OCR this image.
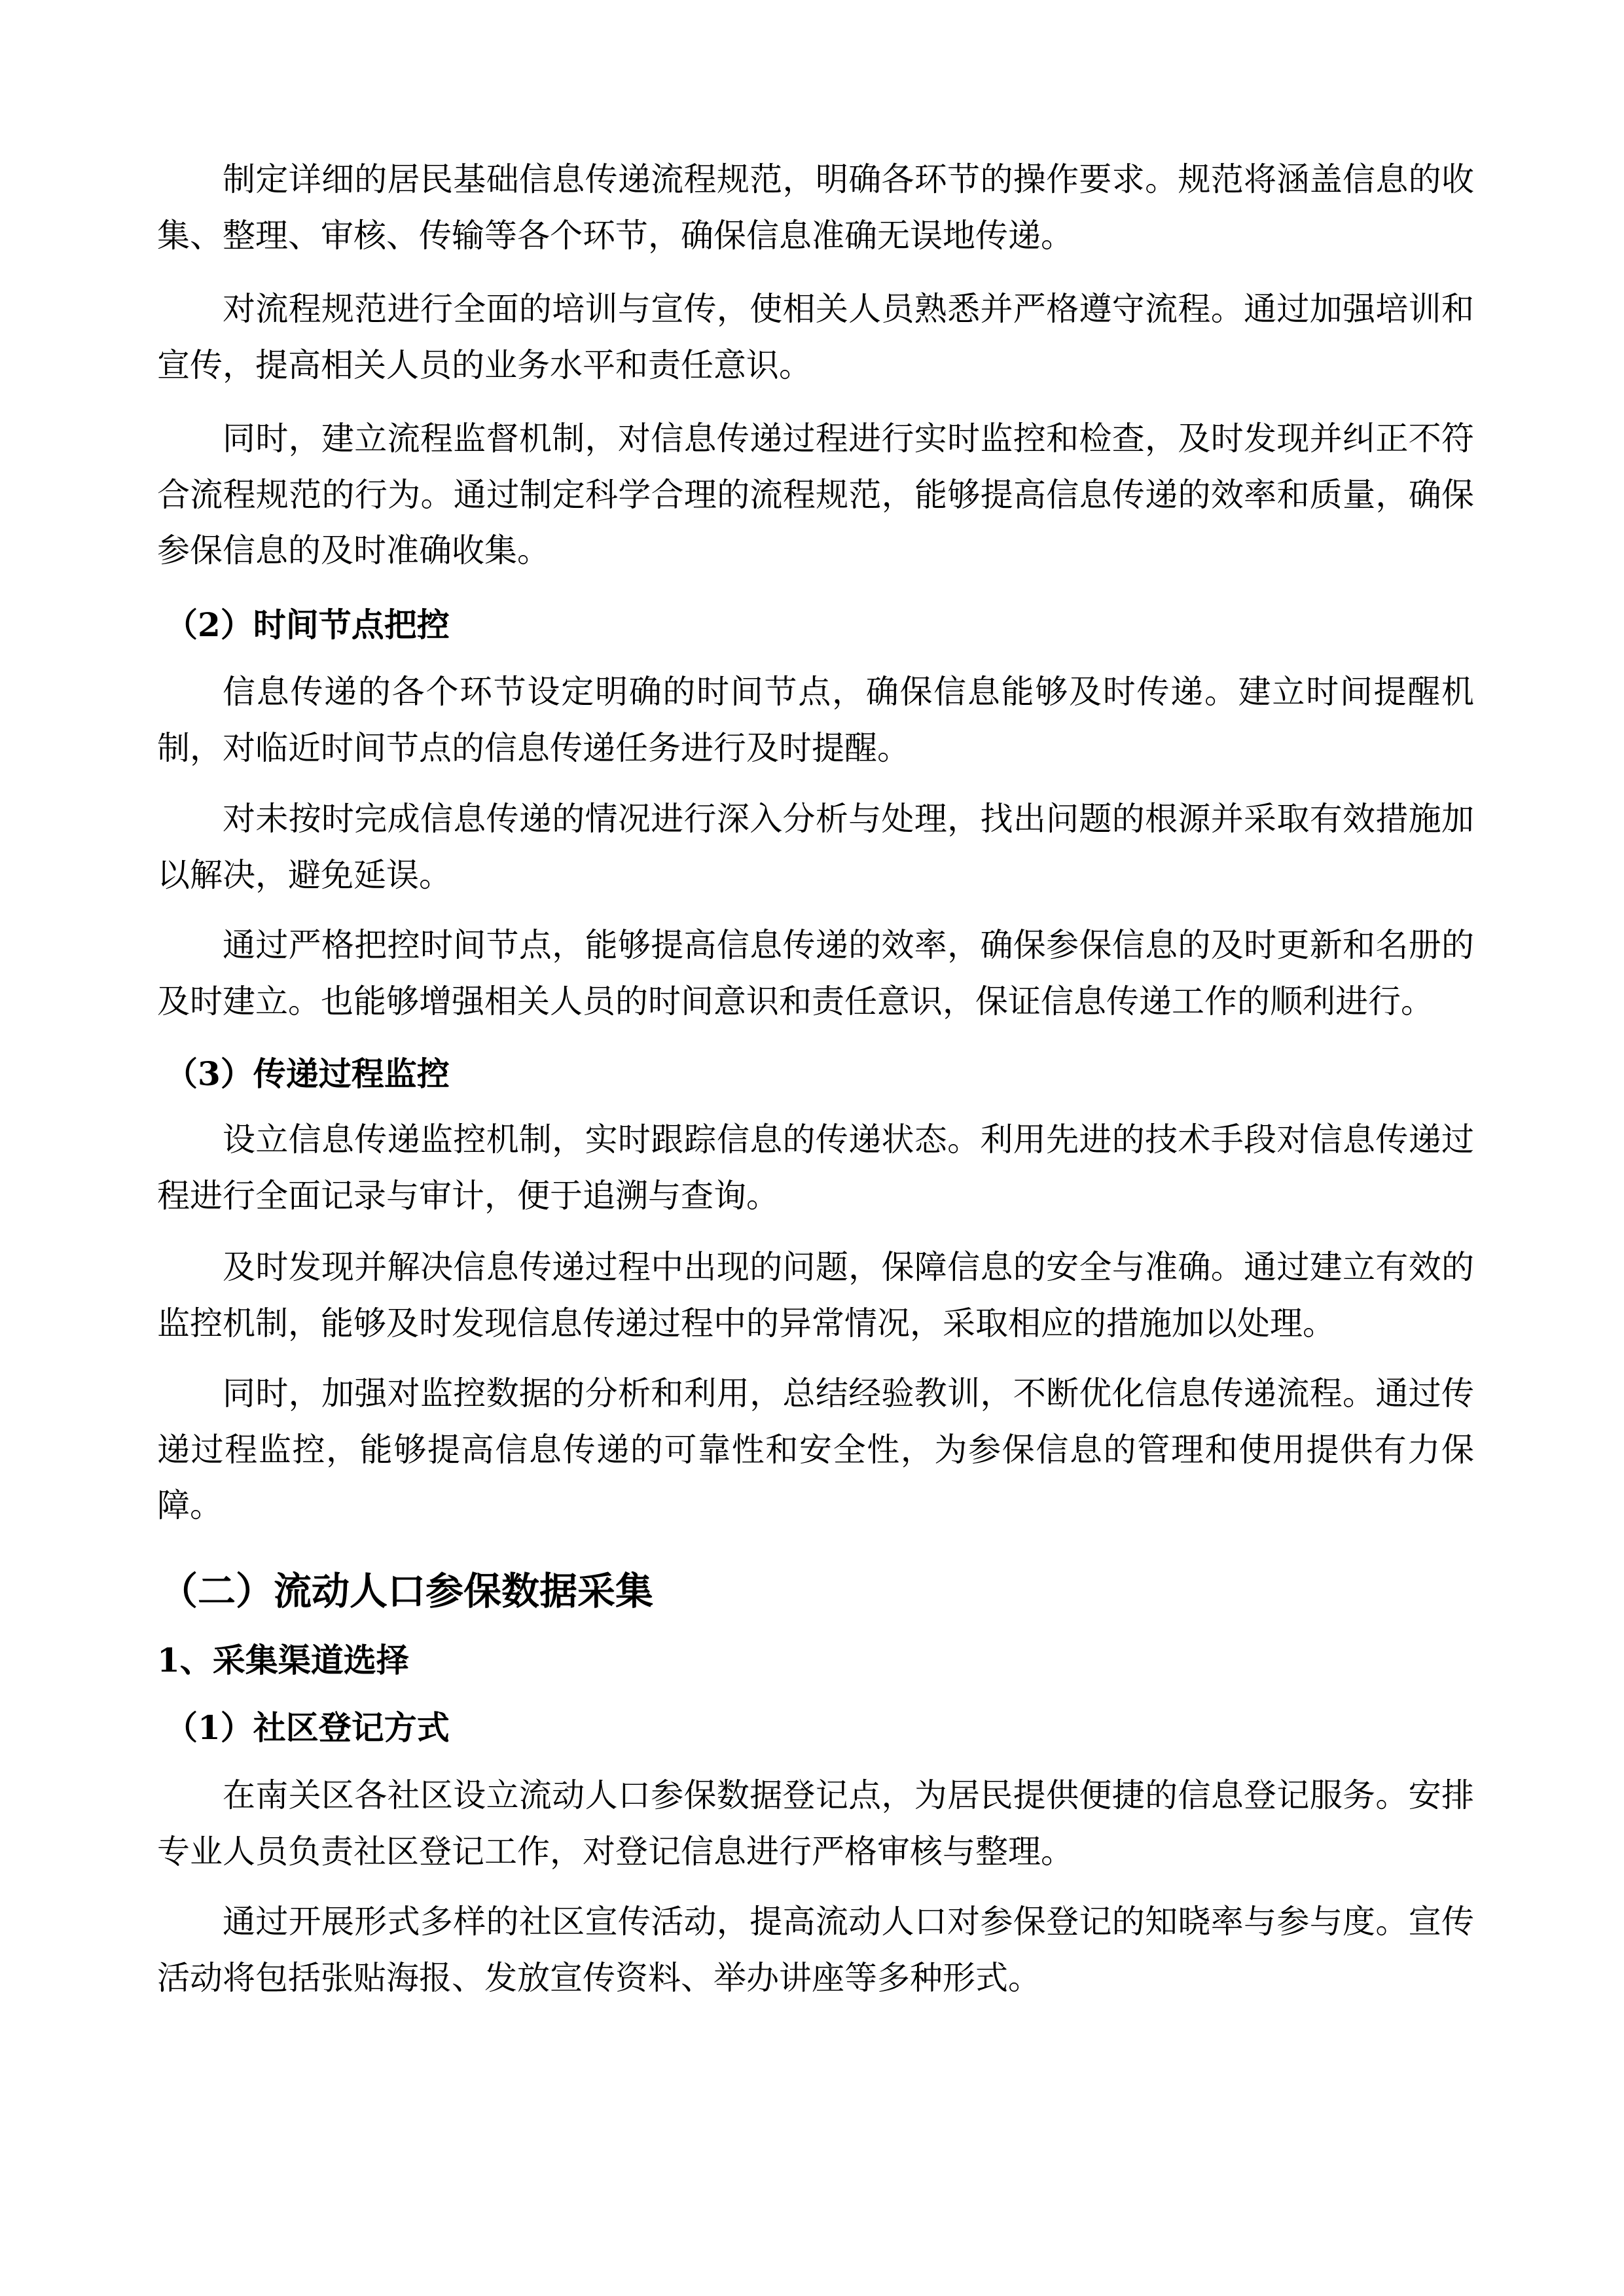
制定详细的居民基础信息传递流程规范，明确各环节的操作要求。规范将涵盖信息的收集、整理、审核、传输等各个环节，确保信息准确无误地传递。
对流程规范进行全面的培训与宣传，使相关人员熟悉并严格遵守流程。通过加强培训和宣传，提高相关人员的业务水平和责任意识。
同时，建立流程监督机制，对信息传递过程进行实时监控和检查，及时发现并纠正不符合流程规范的行为。通过制定科学合理的流程规范，能够提高信息传递的效率和质量，确保参保信息的及时准确收集。
（2）时间节点把控
信息传递的各个环节设定明确的时间节点，确保信息能够及时传递。建立时间提醒机制，对临近时间节点的信息传递任务进行及时提醒。
对未按时完成信息传递的情况进行深入分析与处理，找出问题的根源并采取有效措施加以解决，避免延误。
通过严格把控时间节点，能够提高信息传递的效率，确保参保信息的及时更新和名册的及时建立。也能够增强相关人员的时间意识和责任意识，保证信息传递工作的顺利进行。
（3）传递过程监控
设立信息传递监控机制，实时跟踪信息的传递状态。利用先进的技术手段对信息传递过程进行全面记录与审计，便于追溯与查询。
及时发现并解决信息传递过程中出现的问题，保障信息的安全与准确。通过建立有效的监控机制，能够及时发现信息传递过程中的异常情况，采取相应的措施加以处理。
同时，加强对监控数据的分析和利用，总结经验教训，不断优化信息传递流程。通过传递过程监控，能够提高信息传递的可靠性和安全性，为参保信息的管理和使用提供有力保障。
（二）流动人口参保数据采集
1、采集渠道选择
（1）社区登记方式
在南关区各社区设立流动人口参保数据登记点，为居民提供便捷的信息登记服务。安排专业人员负责社区登记工作，对登记信息进行严格审核与整理。
通过开展形式多样的社区宣传活动，提高流动人口对参保登记的知晓率与参与度。宣传活动将包括张贴海报、发放宣传资料、举办讲座等多种形式。
